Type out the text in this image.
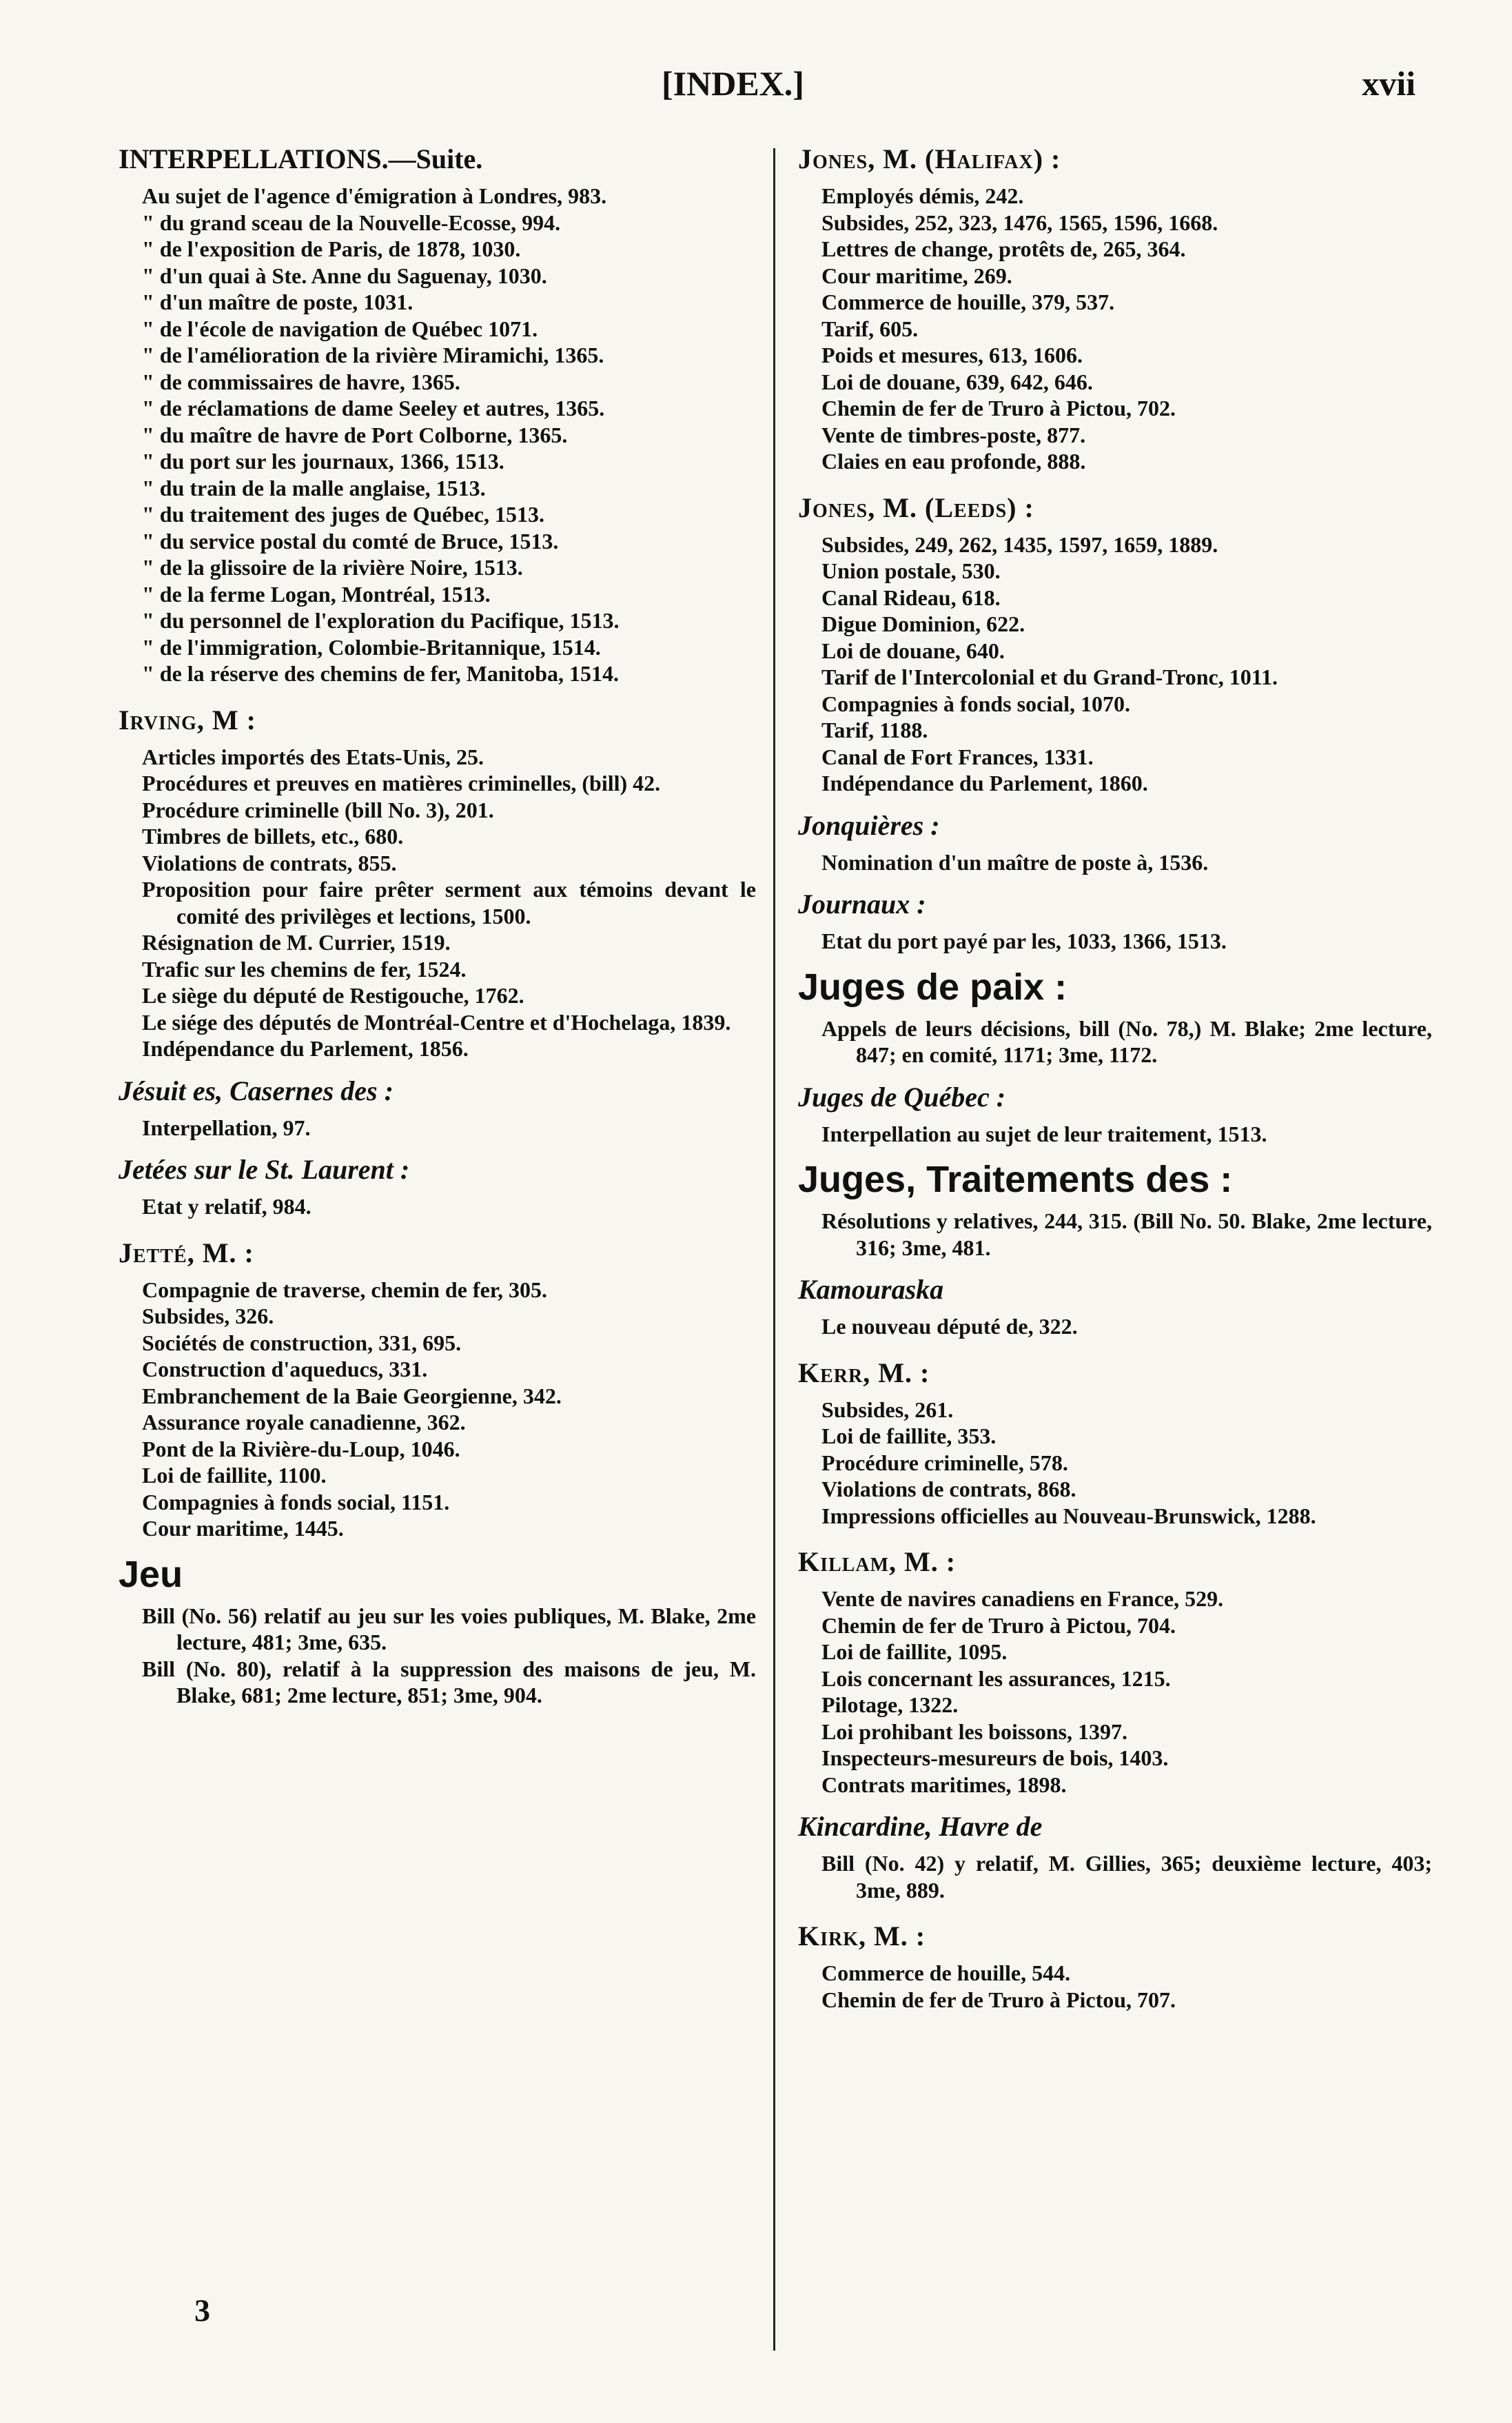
[INDEX.]	xvii
INTERPELLATIONS.—Suite.

Au sujet de l'agence d'émigration à Londres, 983.

" du grand sceau de la Nouvelle-Ecosse, 994.

" de l'exposition de Paris, de 1878, 1030.

" d'un quai à Ste. Anne du Saguenay, 1030.

" d'un maître de poste, 1031.

" de l'école de navigation de Québec 1071.

" de l'amélioration de la rivière Miramichi, 1365.

" de commissaires de havre, 1365.

" de réclamations de dame Seeley et autres, 1365.

" du maître de havre de Port Colborne, 1365.

" du port sur les journaux, 1366, 1513.

" du train de la malle anglaise, 1513.

" du traitement des juges de Québec, 1513.

" du service postal du comté de Bruce, 1513.

" de la glissoire de la rivière Noire, 1513.

" de la ferme Logan, Montréal, 1513.

" du personnel de l'exploration du Pacifique, 1513.

" de l'immigration, Colombie-Britannique, 1514.

" de la réserve des chemins de fer, Manitoba, 1514.

Irving, M :

Articles importés des Etats-Unis, 25.

Procédures et preuves en matières criminelles, (bill) 42.

Procédure criminelle (bill No. 3), 201.

Timbres de billets, etc., 680.

Violations de contrats, 855.

Proposition pour faire prêter serment aux témoins devant le comité des privilèges et lections, 1500.

Résignation de M. Currier, 1519.

Trafic sur les chemins de fer, 1524.

Le siège du député de Restigouche, 1762.

Le siége des députés de Montréal-Centre et d'Hochelaga, 1839.

Indépendance du Parlement, 1856.

Jésuit es, Casernes des :

Interpellation, 97.

Jetées sur le St. Laurent :

Etat y relatif, 984.

Jetté, M. :

Compagnie de traverse, chemin de fer, 305.

Subsides, 326.

Sociétés de construction, 331, 695.

Construction d'aqueducs, 331.

Embranchement de la Baie Georgienne, 342.

Assurance royale canadienne, 362.

Pont de la Rivière-du-Loup, 1046.

Loi de faillite, 1100.

Compagnies à fonds social, 1151.

Cour maritime, 1445.

Jeu

Bill (No. 56) relatif au jeu sur les voies publiques, M. Blake, 2me lecture, 481; 3me, 635.

Bill (No. 80), relatif à la suppression des maisons de jeu, M. Blake, 681; 2me lecture, 851; 3me, 904.

Jones, M. (Halifax) :

Employés démis, 242.

Subsides, 252, 323, 1476, 1565, 1596, 1668.

Lettres de change, protêts de, 265, 364.

Cour maritime, 269.

Commerce de houille, 379, 537.

Tarif, 605.

Poids et mesures, 613, 1606.

Loi de douane, 639, 642, 646.

Chemin de fer de Truro à Pictou, 702.

Vente de timbres-poste, 877.

Claies en eau profonde, 888.

Jones, M. (Leeds) :

Subsides, 249, 262, 1435, 1597, 1659, 1889.

Union postale, 530.

Canal Rideau, 618.

Digue Dominion, 622.

Loi de douane, 640.

Tarif de l'Intercolonial et du Grand-Tronc, 1011.

Compagnies à fonds social, 1070.

Tarif, 1188.

Canal de Fort Frances, 1331.

Indépendance du Parlement, 1860.

Jonquières :

Nomination d'un maître de poste à, 1536.

Journaux :

Etat du port payé par les, 1033, 1366, 1513.

Juges de paix :

Appels de leurs décisions, bill (No. 78,) M. Blake; 2me lecture, 847; en comité, 1171; 3me, 1172.

Juges de Québec :

Interpellation au sujet de leur traitement, 1513.

Juges, Traitements des :

Résolutions y relatives, 244, 315. (Bill No. 50. Blake, 2me lecture, 316; 3me, 481.

Kamouraska

Le nouveau député de, 322.

Kerr, M. :

Subsides, 261.

Loi de faillite, 353.

Procédure criminelle, 578.

Violations de contrats, 868.

Impressions officielles au Nouveau-Brunswick, 1288.

Killam, M. :

Vente de navires canadiens en France, 529.

Chemin de fer de Truro à Pictou, 704.

Loi de faillite, 1095.

Lois concernant les assurances, 1215.

Pilotage, 1322.

Loi prohibant les boissons, 1397.

Inspecteurs-mesureurs de bois, 1403.

Contrats maritimes, 1898.

Kincardine, Havre de

Bill (No. 42) y relatif, M. Gillies, 365; deuxième lecture, 403; 3me, 889.

Kirk, M. :

Commerce de houille, 544.

Chemin de fer de Truro à Pictou, 707.

3
